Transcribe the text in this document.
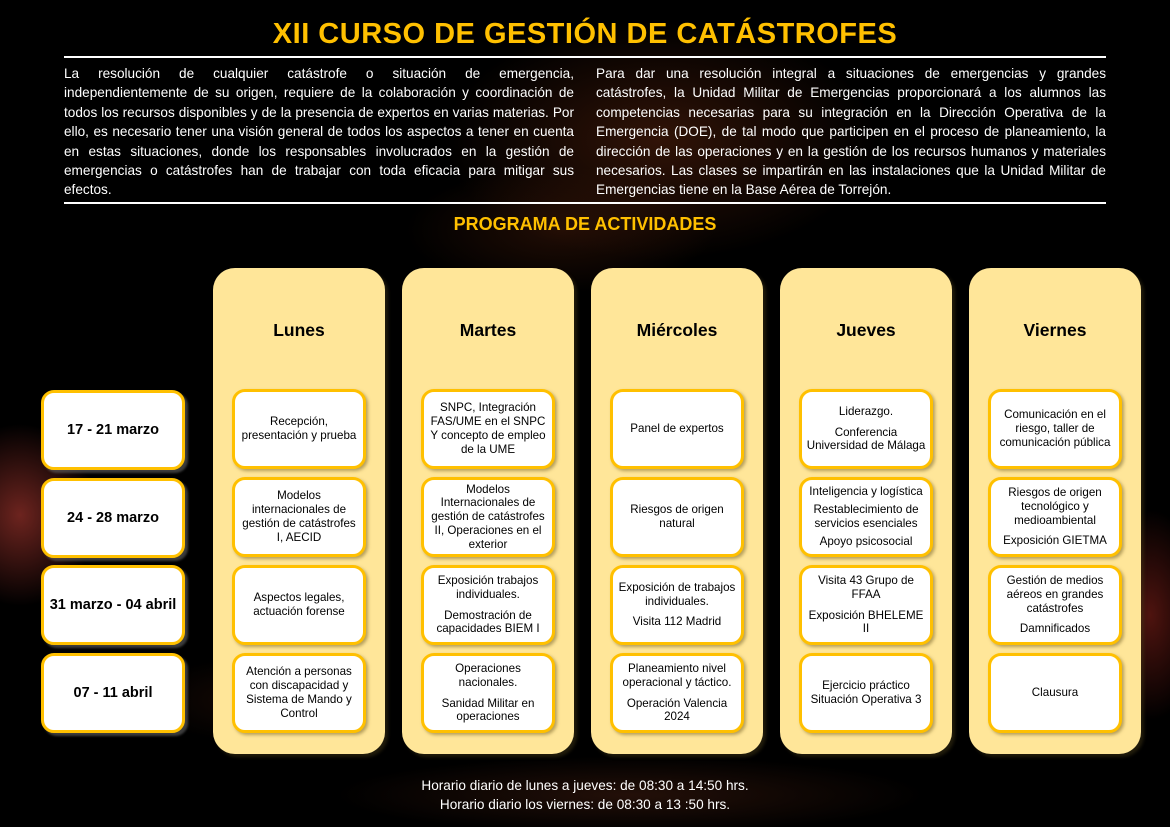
XII CURSO DE GESTIÓN DE CATÁSTROFES

La resolución de cualquier catástrofe o situación de emergencia, independientemente de su origen, requiere de la colaboración y coordinación de todos los recursos disponibles y de la presencia de expertos en varias materias. Por ello, es necesario tener una visión general de todos los aspectos a tener en cuenta en estas situaciones, donde los responsables involucrados en la gestión de emergencias o catástrofes han de trabajar con toda eficacia para mitigar sus efectos.

Para dar una resolución integral a situaciones de emergencias y grandes catástrofes, la Unidad Militar de Emergencias proporcionará a los alumnos las competencias necesarias para su integración en la Dirección Operativa de la Emergencia (DOE), de tal modo que participen en el proceso de planeamiento, la dirección de las operaciones y en la gestión de los recursos humanos y materiales necesarios. Las clases se impartirán en las instalaciones que la Unidad Militar de Emergencias tiene en la Base Aérea de Torrejón.

PROGRAMA DE ACTIVIDADES
17 - 21 marzo
24 - 28 marzo
31 marzo - 04 abril
07 - 11 abril
Lunes

Recepción, presentación y prueba

Modelos internacionales de gestión de catástrofes I, AECID

Aspectos legales, actuación forense

Atención a personas con discapacidad y Sistema de Mando y Control

Martes

SNPC, Integración FAS/UME en el SNPC Y concepto de empleo de la UME

Modelos Internacionales de gestión de catástrofes II, Operaciones en el exterior

Exposición trabajos individuales.

Demostración de capacidades BIEM I

Operaciones nacionales.

Sanidad Militar en operaciones

Miércoles

Panel de expertos

Riesgos de origen natural

Exposición de trabajos individuales.

Visita 112 Madrid

Planeamiento nivel operacional y táctico.

Operación Valencia 2024

Jueves

Liderazgo.

Conferencia Universidad de Málaga

Inteligencia y logística

Restablecimiento de servicios esenciales

Apoyo psicosocial

Visita 43 Grupo de FFAA

Exposición BHELEME II

Ejercicio práctico Situación Operativa 3

Viernes

Comunicación en el riesgo, taller de comunicación pública

Riesgos de origen tecnológico y medioambiental

Exposición GIETMA

Gestión de medios aéreos en grandes catástrofes

Damnificados

Clausura

Horario diario de lunes a jueves: de 08:30 a 14:50 hrs.
Horario diario los viernes: de 08:30 a 13 :50 hrs.
